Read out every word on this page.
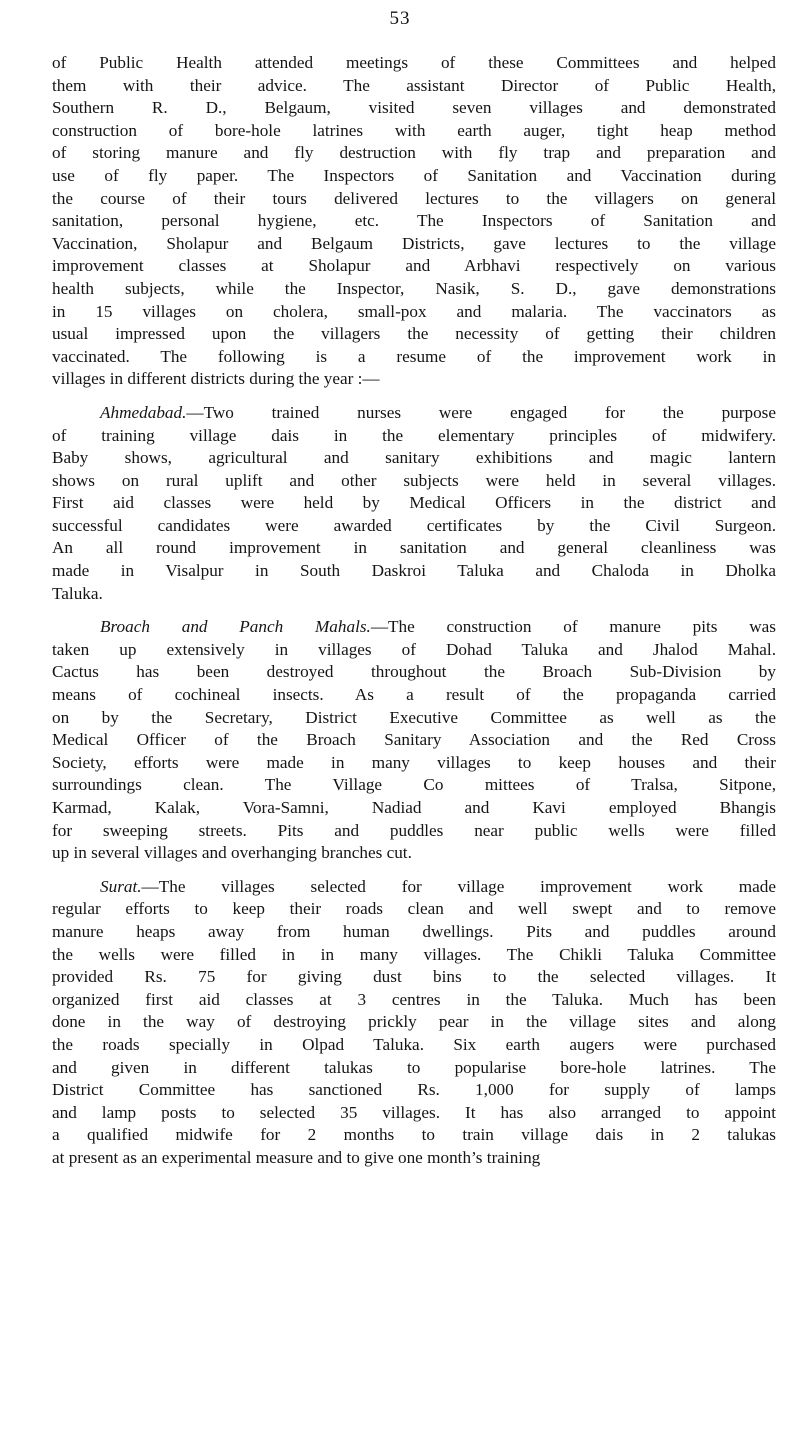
53
of Public Health attended meetings of these Committees and helped
them with their advice. The assistant Director of Public Health,
Southern R. D., Belgaum, visited seven villages and demonstrated
construction of bore-hole latrines with earth auger, tight heap method
of storing manure and fly destruction with fly trap and preparation and
use of fly paper. The Inspectors of Sanitation and Vaccination during
the course of their tours delivered lectures to the villagers on general
sanitation, personal hygiene, etc. The Inspectors of Sanitation and
Vaccination, Sholapur and Belgaum Districts, gave lectures to the village
improvement classes at Sholapur and Arbhavi respectively on various
health subjects, while the Inspector, Nasik, S. D., gave demonstrations
in 15 villages on cholera, small-pox and malaria. The vaccinators as
usual impressed upon the villagers the necessity of getting their children
vaccinated. The following is a resume of the improvement work in
villages in different districts during the year :—
Ahmedabad.—Two trained nurses were engaged for the purpose
of training village dais in the elementary principles of midwifery.
Baby shows, agricultural and sanitary exhibitions and magic lantern
shows on rural uplift and other subjects were held in several villages.
First aid classes were held by Medical Officers in the district and
successful candidates were awarded certificates by the Civil Surgeon.
An all round improvement in sanitation and general cleanliness was
made in Visalpur in South Daskroi Taluka and Chaloda in Dholka
Taluka.
Broach and Panch Mahals.—The construction of manure pits was
taken up extensively in villages of Dohad Taluka and Jhalod Mahal.
Cactus has been destroyed throughout the Broach Sub-Division by
means of cochineal insects. As a result of the propaganda carried
on by the Secretary, District Executive Committee as well as the
Medical Officer of the Broach Sanitary Association and the Red Cross
Society, efforts were made in many villages to keep houses and their
surroundings clean. The Village Co mittees of Tralsa, Sitpone,
Karmad, Kalak, Vora-Samni, Nadiad and Kavi employed Bhangis
for sweeping streets. Pits and puddles near public wells were filled
up in several villages and overhanging branches cut.
Surat.—The villages selected for village improvement work made
regular efforts to keep their roads clean and well swept and to remove
manure heaps away from human dwellings. Pits and puddles around
the wells were filled in in many villages. The Chikli Taluka Committee
provided Rs. 75 for giving dust bins to the selected villages. It
organized first aid classes at 3 centres in the Taluka. Much has been
done in the way of destroying prickly pear in the village sites and along
the roads specially in Olpad Taluka. Six earth augers were purchased
and given in different talukas to popularise bore-hole latrines. The
District Committee has sanctioned Rs. 1,000 for supply of lamps
and lamp posts to selected 35 villages. It has also arranged to appoint
a qualified midwife for 2 months to train village dais in 2 talukas
at present as an experimental measure and to give one month’s training
